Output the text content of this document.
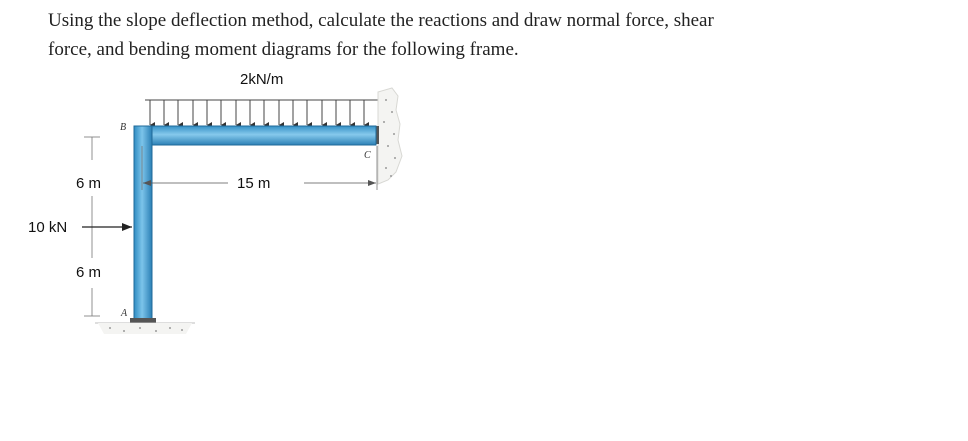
Using the slope deflection method, calculate the reactions and draw normal force, shear

force, and bending moment diagrams for the following frame.

2kN/m
B
C
A
15 m
6 m
6 m
10 kN
